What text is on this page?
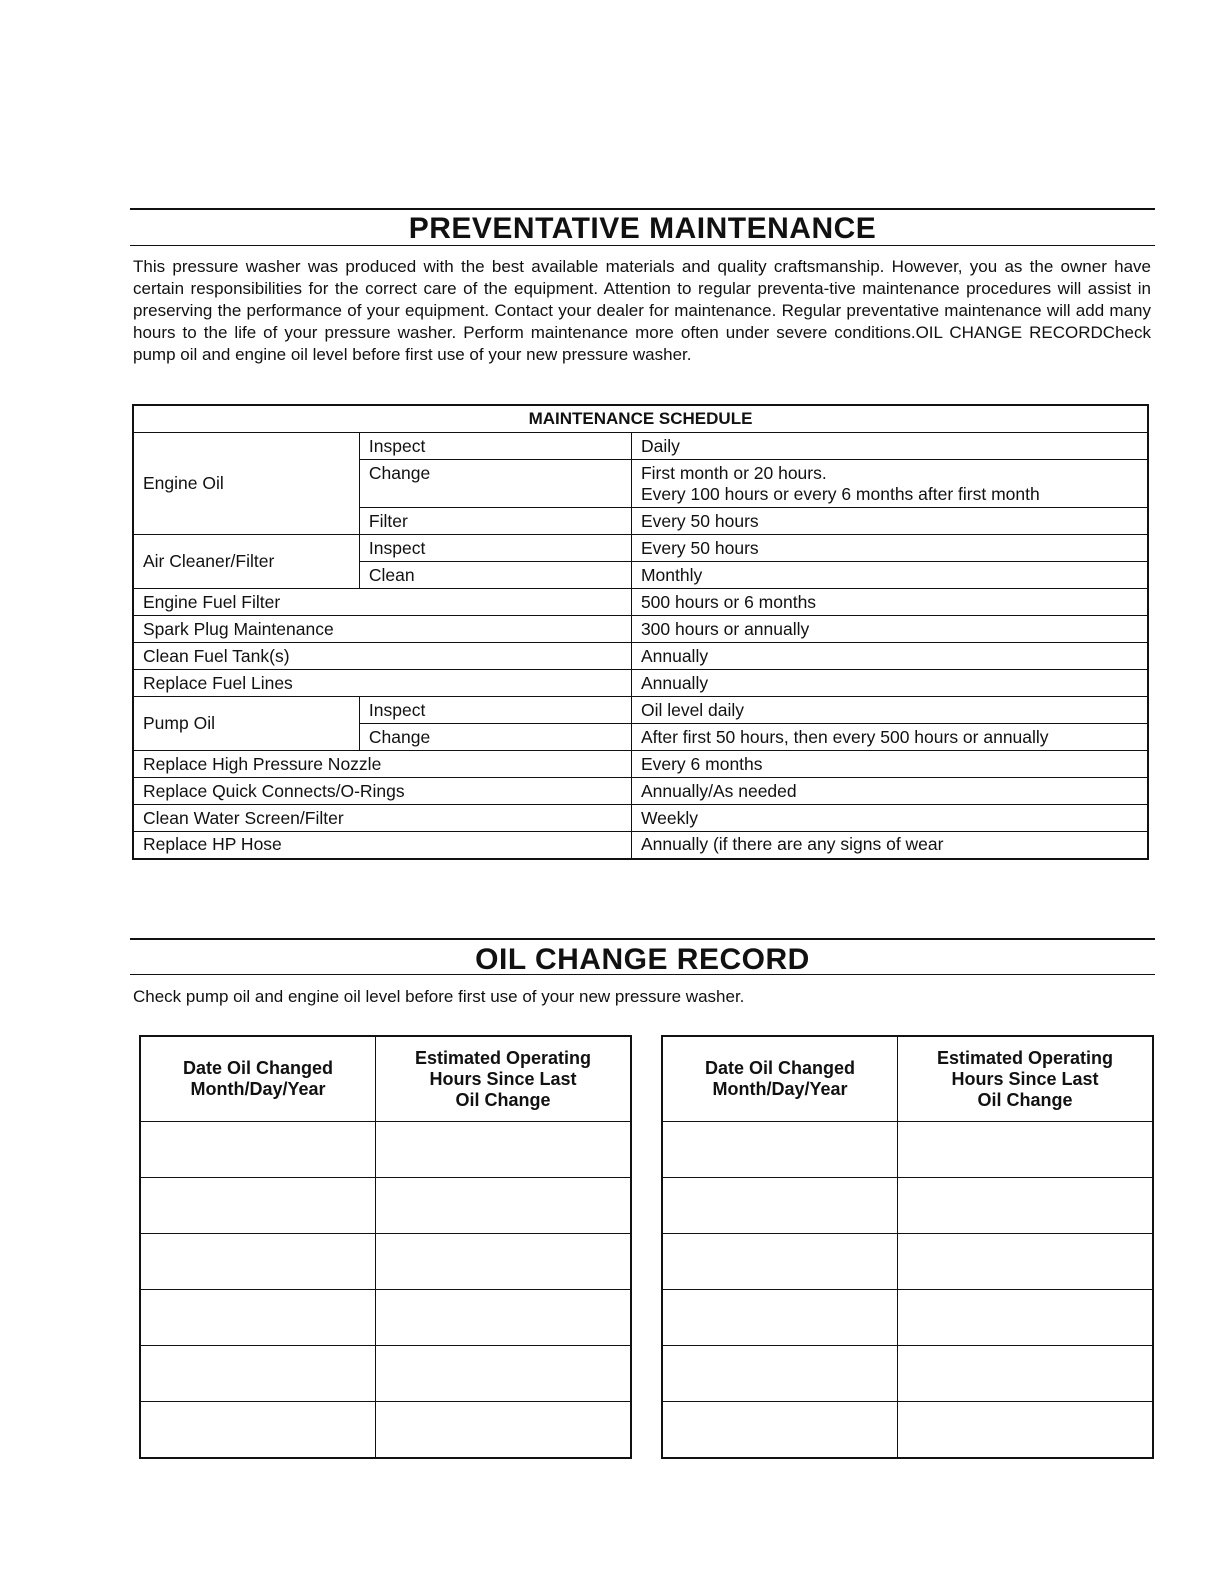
PREVENTATIVE MAINTENANCE

This pressure washer was produced with the best available materials and quality craftsmanship. However, you as the owner have certain responsibilities for the correct care of the equipment. Attention to regular preventa-tive maintenance procedures will assist in preserving the performance of your equipment. Contact your dealer for maintenance. Regular preventative maintenance will add many hours to the life of your pressure washer. Perform maintenance more often under severe conditions.OIL CHANGE RECORDCheck pump oil and engine oil level before first use of your new pressure washer.

MAINTENANCE SCHEDULE		
Engine Oil	Inspect	Daily
	Change	First month or 20 hours.
Every 100 hours or every 6 months after first month

	Filter	Every 50 hours
Air Cleaner/Filter	Inspect	Every 50 hours
	Clean	Monthly
Engine Fuel Filter		500 hours or 6 months
Spark Plug Maintenance		300 hours or annually
Clean Fuel Tank(s)		Annually
Replace Fuel Lines		Annually
Pump Oil	Inspect	Oil level daily
	Change	After first 50 hours, then every 500 hours or annually
Replace High Pressure Nozzle		Every 6 months
Replace Quick Connects/O-Rings		Annually/As needed
Clean Water Screen/Filter		Weekly
Replace HP Hose		Annually (if there are any signs of wear
OIL CHANGE RECORD

Check pump oil and engine oil level before first use of your new pressure washer.

Date Oil Changed
Month/Day/Year	Estimated Operating
Hours Since Last
Oil Change

Date Oil Changed
Month/Day/Year	Estimated Operating
Hours Since Last
Oil Change
